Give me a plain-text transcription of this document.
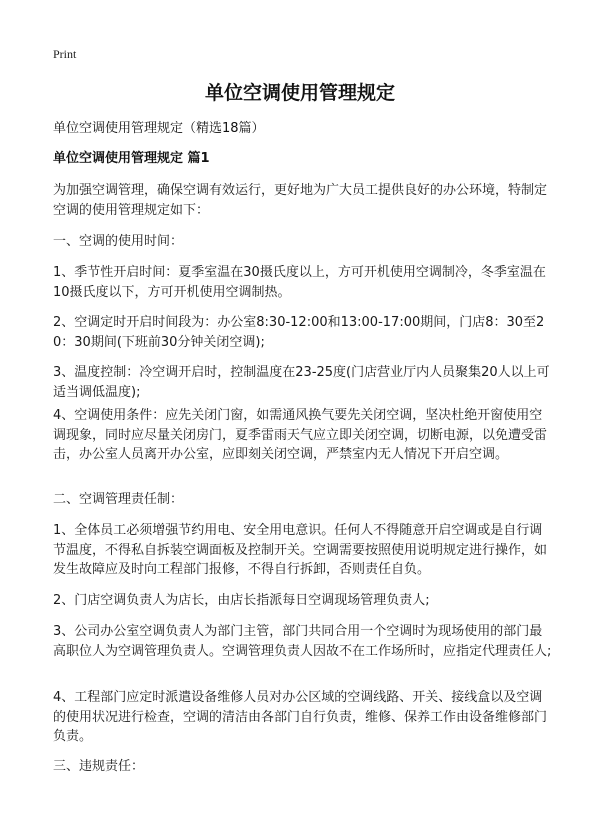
Print
单位空调使用管理规定

单位空调使用管理规定（精选18篇）

单位空调使用管理规定 篇1

为加强空调管理，确保空调有效运行，更好地为广大员工提供良好的办公环境，特制定空调的使用管理规定如下：

一、空调的使用时间：

1、季节性开启时间：夏季室温在30摄氏度以上，方可开机使用空调制冷，冬季室温在10摄氏度以下，方可开机使用空调制热。

2、空调定时开启时间段为：办公室8:30-12:00和13:00-17:00期间，门店8：30至20：30期间(下班前30分钟关闭空调);

3、温度控制：冷空调开启时，控制温度在23-25度(门店营业厅内人员聚集20人以上可适当调低温度);

4、空调使用条件：应先关闭门窗，如需通风换气要先关闭空调，坚决杜绝开窗使用空调现象，同时应尽量关闭房门，夏季雷雨天气应立即关闭空调，切断电源，以免遭受雷击，办公室人员离开办公室，应即刻关闭空调，严禁室内无人情况下开启空调。

二、空调管理责任制：

1、全体员工必须增强节约用电、安全用电意识。任何人不得随意开启空调或是自行调节温度，不得私自拆装空调面板及控制开关。空调需要按照使用说明规定进行操作，如发生故障应及时向工程部门报修，不得自行拆卸，否则责任自负。

2、门店空调负责人为店长，由店长指派每日空调现场管理负责人;

3、公司办公室空调负责人为部门主管，部门共同合用一个空调时为现场使用的部门最高职位人为空调管理负责人。空调管理负责人因故不在工作场所时，应指定代理责任人;

4、工程部门应定时派遣设备维修人员对办公区域的空调线路、开关、接线盒以及空调的使用状况进行检查，空调的清洁由各部门自行负责，维修、保养工作由设备维修部门负责。

三、违规责任：
